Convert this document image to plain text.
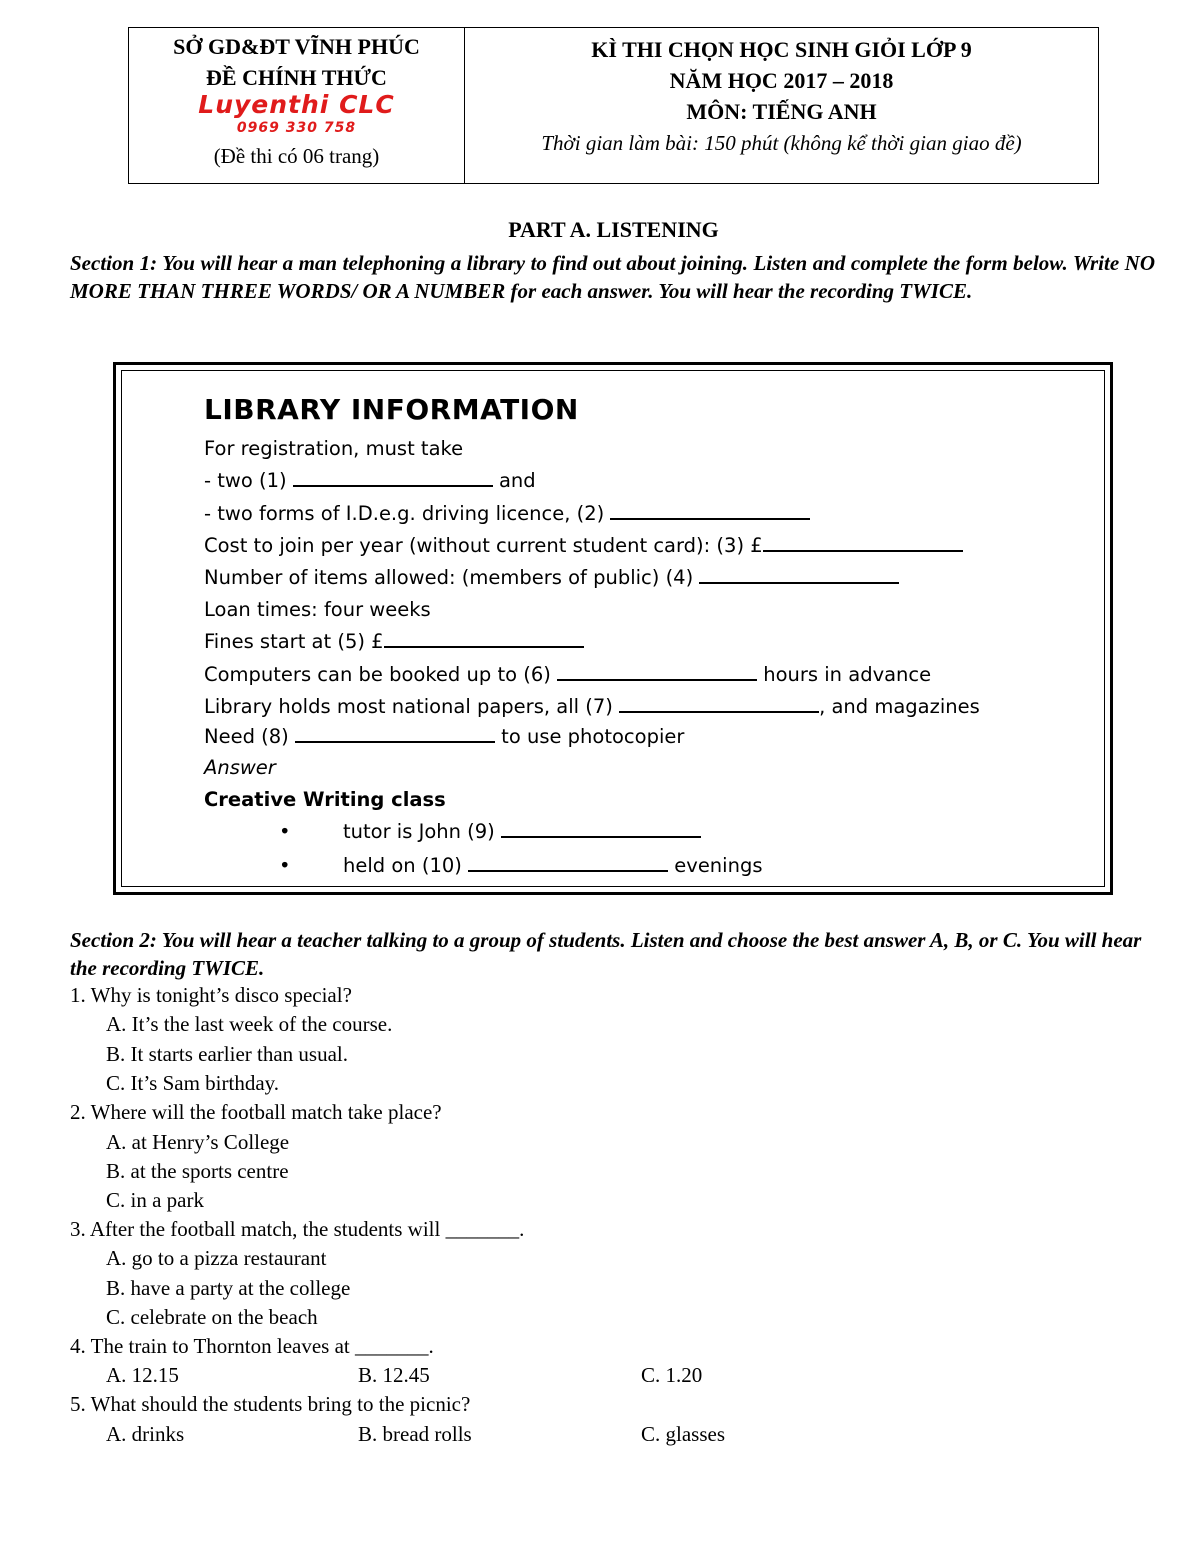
SỞ GD&ĐT VĨNH PHÚC
ĐỀ CHÍNH THỨC
Luyenthi CLC
0969 330 758
(Đề thi có 06 trang)
KÌ THI CHỌN HỌC SINH GIỎI LỚP 9
NĂM HỌC 2017 – 2018
MÔN: TIẾNG ANH
Thời gian làm bài: 150 phút (không kể thời gian giao đề)
PART A. LISTENING
Section 1: You will hear a man telephoning a library to find out about joining. Listen and complete the form below. Write NO MORE THAN THREE WORDS/ OR A NUMBER for each answer. You will hear the recording TWICE.
LIBRARY INFORMATION
For registration, must take
- two (1)	and
- two forms of I.D.e.g. driving licence, (2)
Cost to join per year (without current student card): (3) £
Number of items allowed: (members of public) (4)
Loan times: four weeks
Fines start at (5) £
Computers can be booked up to (6)	hours in advance
Library holds most national papers, all (7)	, and magazines
Need (8)	to use photocopier
Answer
Creative Writing class
•	tutor is John (9)
•	held on (10)	evenings
Section 2: You will hear a teacher talking to a group of students. Listen and choose the best answer A, B, or C. You will hear the recording TWICE.
1. Why is tonight’s disco special?
A. It’s the last week of the course.
B. It starts earlier than usual.
C. It’s Sam birthday.
2. Where will the football match take place?
A. at Henry’s College
B. at the sports centre
C. in a park
3. After the football match, the students will _______.
A. go to a pizza restaurant
B. have a party at the college
C. celebrate on the beach
4. The train to Thornton leaves at _______.
A. 12.15	B. 12.45	C. 1.20
5. What should the students bring to the picnic?
A. drinks	B. bread rolls	C. glasses
